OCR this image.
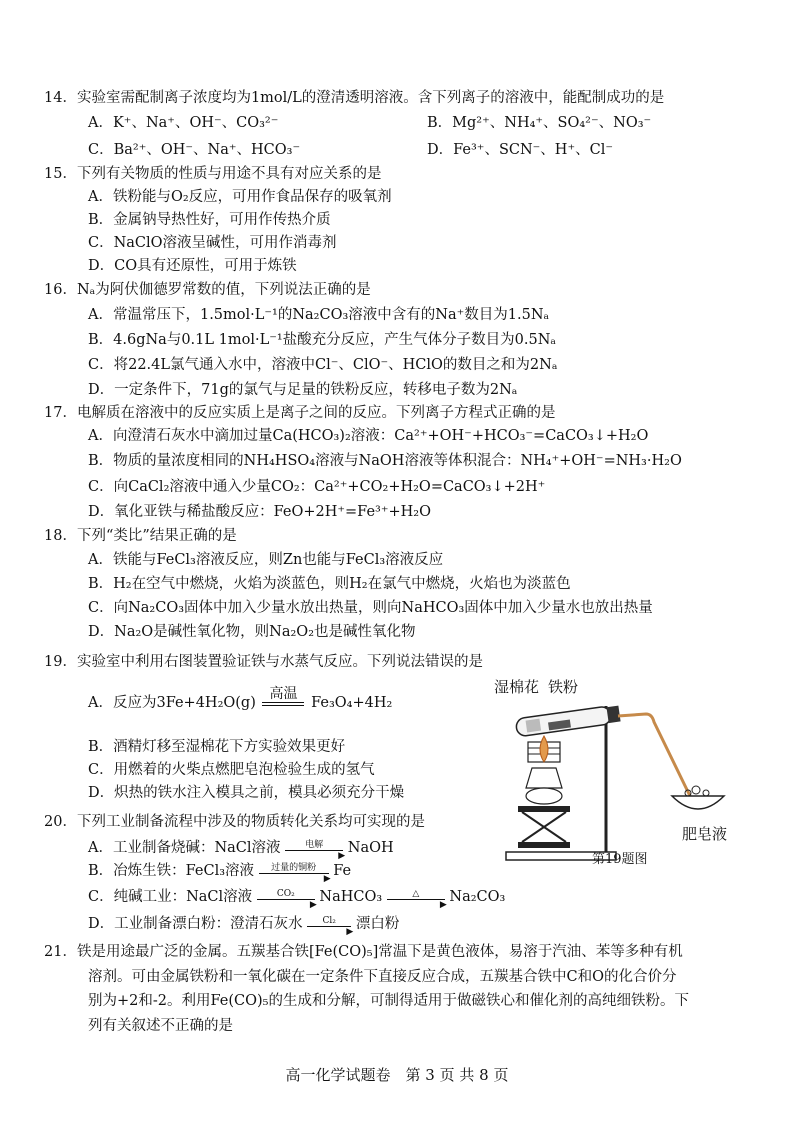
14．实验室需配制离子浓度均为1mol/L的澄清透明溶液。含下列离子的溶液中，能配制成功的是
A．K⁺、Na⁺、OH⁻、CO₃²⁻	B．Mg²⁺、NH₄⁺、SO₄²⁻、NO₃⁻
C．Ba²⁺、OH⁻、Na⁺、HCO₃⁻	D．Fe³⁺、SCN⁻、H⁺、Cl⁻
15．下列有关物质的性质与用途不具有对应关系的是
A．铁粉能与O₂反应，可用作食品保存的吸氧剂
B．金属钠导热性好，可用作传热介质
C．NaClO溶液呈碱性，可用作消毒剂
D．CO具有还原性，可用于炼铁
16．Nₐ为阿伏伽德罗常数的值，下列说法正确的是
A．常温常压下，1.5mol·L⁻¹的Na₂CO₃溶液中含有的Na⁺数目为1.5Nₐ
B．4.6gNa与0.1L 1mol·L⁻¹盐酸充分反应，产生气体分子数目为0.5Nₐ
C．将22.4L氯气通入水中，溶液中Cl⁻、ClO⁻、HClO的数目之和为2Nₐ
D．一定条件下，71g的氯气与足量的铁粉反应，转移电子数为2Nₐ
17．电解质在溶液中的反应实质上是离子之间的反应。下列离子方程式正确的是
A．向澄清石灰水中滴加过量Ca(HCO₃)₂溶液：Ca²⁺+OH⁻+HCO₃⁻=CaCO₃↓+H₂O
B．物质的量浓度相同的NH₄HSO₄溶液与NaOH溶液等体积混合：NH₄⁺+OH⁻=NH₃·H₂O
C．向CaCl₂溶液中通入少量CO₂：Ca²⁺+CO₂+H₂O=CaCO₃↓+2H⁺
D．氧化亚铁与稀盐酸反应：FeO+2H⁺=Fe³⁺+H₂O
18．下列“类比”结果正确的是
A．铁能与FeCl₃溶液反应，则Zn也能与FeCl₃溶液反应
B．H₂在空气中燃烧，火焰为淡蓝色，则H₂在氯气中燃烧，火焰也为淡蓝色
C．向Na₂CO₃固体中加入少量水放出热量，则向NaHCO₃固体中加入少量水也放出热量
D．Na₂O是碱性氧化物，则Na₂O₂也是碱性氧化物
19．实验室中利用右图装置验证铁与水蒸气反应。下列说法错误的是
A．反应为3Fe+4H₂O(g)
高温
Fe₃O₄+4H₂
B．酒精灯移至湿棉花下方实验效果更好
C．用燃着的火柴点燃肥皂泡检验生成的氢气
D．炽热的铁水注入模具之前，模具必须充分干燥
湿棉花 铁粉
肥皂液
第19题图
20．下列工业制备流程中涉及的物质转化关系均可实现的是
A．工业制备烧碱：NaCl溶液	电解
▶ NaOH
B．冶炼生铁：FeCl₃溶液	过量的铜粉
▶ Fe
C．纯碱工业：NaCl溶液	CO₂
▶ NaHCO₃	△
▶ Na₂CO₃
D．工业制备漂白粉：澄清石灰水	Cl₂
▶ 漂白粉
21．铁是用途最广泛的金属。五羰基合铁[Fe(CO)₅]常温下是黄色液体，易溶于汽油、苯等多种有机
溶剂。可由金属铁粉和一氧化碳在一定条件下直接反应合成，五羰基合铁中C和O的化合价分
别为+2和-2。利用Fe(CO)₅的生成和分解，可制得适用于做磁铁心和催化剂的高纯细铁粉。下
列有关叙述不正确的是
高一化学试题卷　第 3 页 共 8 页
